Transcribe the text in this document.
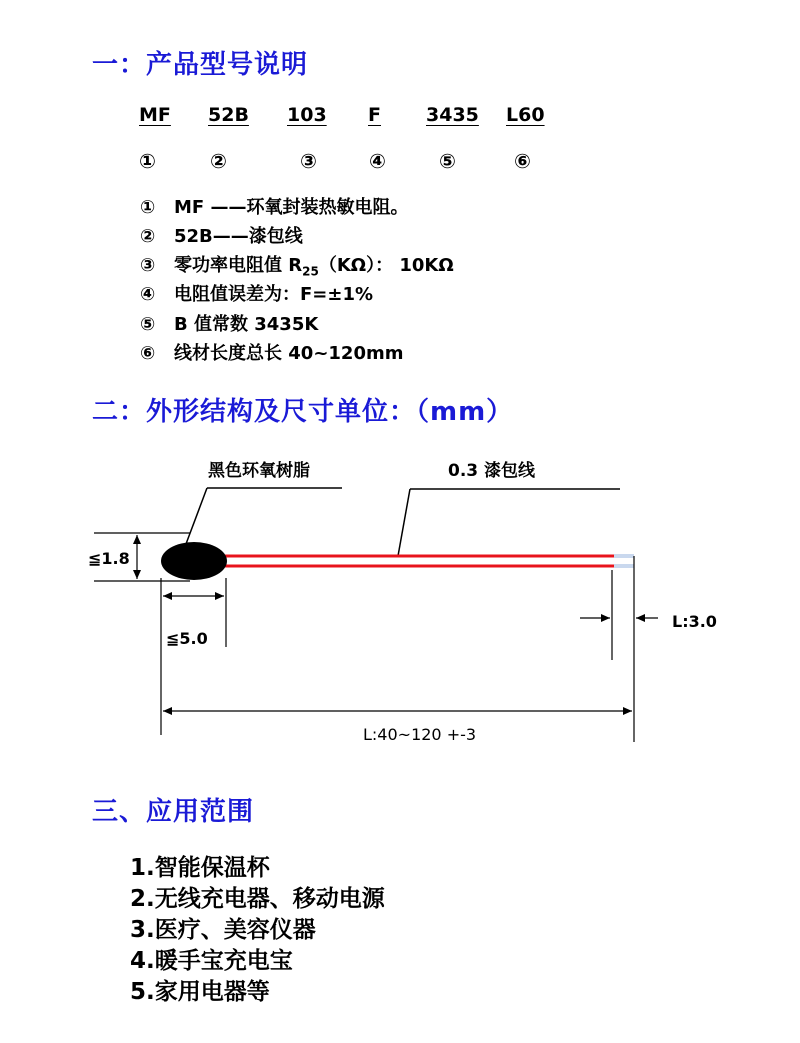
一：产品型号说明
MF 52B 103 F 3435 L60
①	②	③	④	⑤	⑥
① MF ——环氧封装热敏电阻。
② 52B——漆包线
③ 零功率电阻值 $R_{25}(K\Omega)$： 10KΩ
④ 电阻值误差为：F=±1%
⑤ B 值常数 3435K
⑥ 线材长度总长 40~120mm
二：外形结构及尺寸单位：（mm）
黑色环氧树脂	0.3 漆包线
≦1.8
≦5.0
L:3.0
L:40~120 +-3
三、应用范围
1.智能保温杯
2.无线充电器、移动电源
3.医疗、美容仪器
4.暖手宝充电宝
5.家用电器等
